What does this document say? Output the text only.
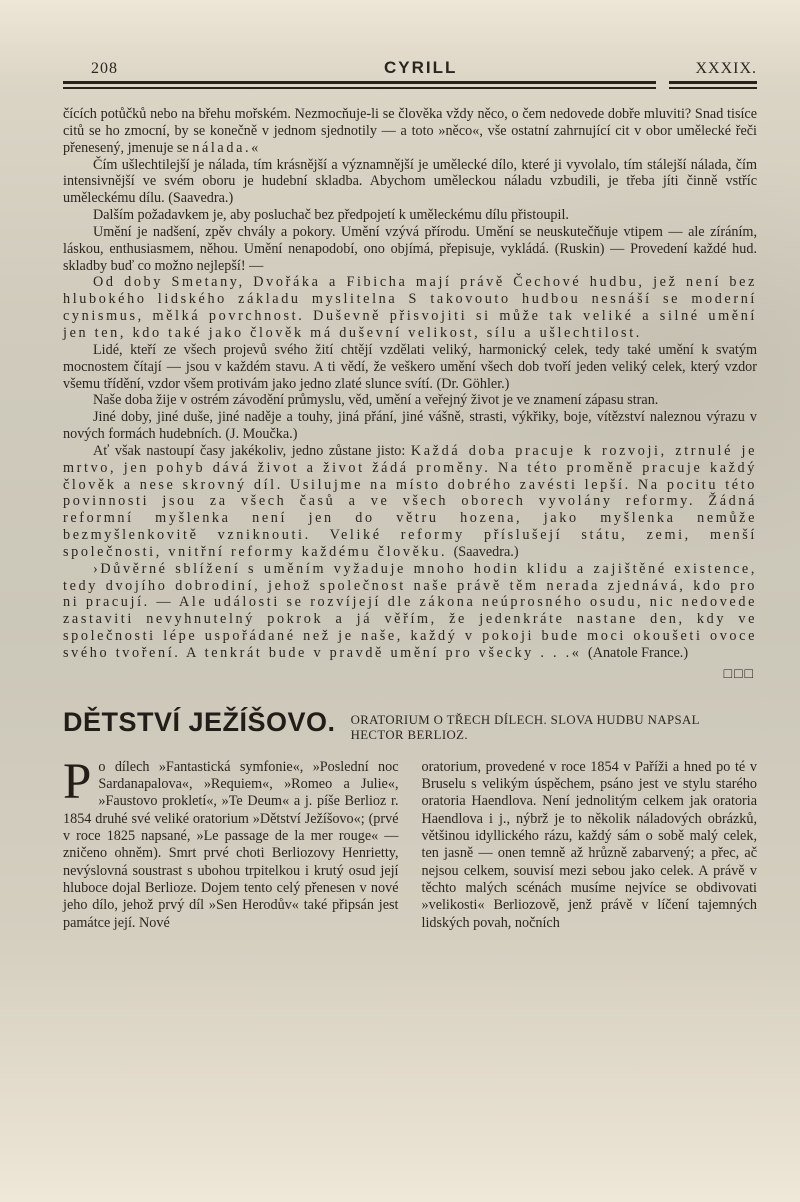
208	CYRILL	XXXIX.

čících potůčků nebo na břehu mořském. Nezmocňuje-li se člověka vždy něco, o čem nedovede dobře mluviti? Snad tisíce citů se ho zmocní, by se konečně v jednom sjednotily — a toto »něco«, vše ostatní zahrnující cit v obor umělecké řeči přenesený, jmenuje se nálada.«

Čím ušlechtilejší je nálada, tím krásnější a významnější je umělecké dílo, které ji vyvolalo, tím stálejší nálada, čím intensivnější ve svém oboru je hudební skladba. Abychom uměleckou náladu vzbudili, je třeba jíti činně vstříc uměleckému dílu. (Saavedra.)

Dalším požadavkem je, aby posluchač bez předpojetí k uměleckému dílu přistoupil.

Umění je nadšení, zpěv chvály a pokory. Umění vzývá přírodu. Umění se neuskutečňuje vtipem — ale zíráním, láskou, enthusiasmem, něhou. Umění nenapodobí, ono objímá, přepisuje, vykládá. (Ruskin) — Provedení každé hud. skladby buď co možno nejlepší! —

Od doby Smetany, Dvořáka a Fibicha mají právě Čechové hudbu, jež není bez hlubokého lidského základu myslitelna S takovouto hudbou nesnáší se moderní cynismus, mělká povrchnost. Duševně přisvojiti si může tak veliké a silné umění jen ten, kdo také jako člověk má duševní velikost, sílu a ušlechtilost.

Lidé, kteří ze všech projevů svého žití chtějí vzdělati veliký, harmonický celek, tedy také umění k svatým mocnostem čítají — jsou v každém stavu. A ti vědí, že veškero umění všech dob tvoří jeden veliký celek, který vzdor všemu třídění, vzdor všem protivám jako jedno zlaté slunce svítí. (Dr. Göhler.)

Naše doba žije v ostrém závodění průmyslu, věd, umění a veřejný život je ve znamení zápasu stran.

Jiné doby, jiné duše, jiné naděje a touhy, jiná přání, jiné vášně, strasti, výkřiky, boje, vítězství naleznou výrazu v nových formách hudebních. (J. Moučka.)

Ať však nastoupí časy jakékoliv, jedno zůstane jisto: Každá doba pracuje k rozvoji, ztrnulé je mrtvo, jen pohyb dává život a život žádá proměny. Na této proměně pracuje každý člověk a nese skrovný díl. Usilujme na místo dobrého zavésti lepší. Na pocitu této povinnosti jsou za všech časů a ve všech oborech vyvolány reformy. Žádná reformní myšlenka není jen do větru hozena, jako myšlenka nemůže bezmyšlenkovitě vzniknouti. Veliké reformy příslušejí státu, zemi, menší společnosti, vnitřní reformy každému člověku. (Saavedra.)

›Důvěrné sblížení s uměním vyžaduje mnoho hodin klidu a zajištěné existence, tedy dvojího dobrodiní, jehož společnost naše právě těm nerada zjednává, kdo pro ni pracují. — Ale události se rozvíjejí dle zákona neúprosného osudu, nic nedovede zastaviti nevyhnutelný pokrok a já věřím, že jedenkráte nastane den, kdy ve společnosti lépe uspořádané než je naše, každý v pokoji bude moci okoušeti ovoce svého tvoření. A tenkrát bude v pravdě umění pro všecky . . .« (Anatole France.)

□□□
DĚTSTVÍ JEŽÍŠOVO. ORATORIUM O TŘECH DÍLECH. SLOVA HUDBU NAPSAL
HECTOR BERLIOZ.

Po dílech »Fantastická symfonie«, »Poslední noc Sardanapalova«, »Requiem«, »Romeo a Julie«, »Faustovo prokletí«, »Te Deum« a j. píše Berlioz r. 1854 druhé své veliké oratorium »Dětství Ježíšovo«; (prvé v roce 1825 napsané, »Le passage de la mer rouge« — zničeno ohněm). Smrt prvé choti Berliozovy Henrietty, nevýslovná soustrast s ubohou trpitelkou i krutý osud její hluboce dojal Berlioze. Dojem tento celý přenesen v nové jeho dílo, jehož prvý díl »Sen Herodův« také připsán jest památce její. Nové

oratorium, provedené v roce 1854 v Paříži a hned po té v Bruselu s velikým úspěchem, psáno jest ve stylu starého oratoria Haendlova. Není jednolitým celkem jak oratoria Haendlova i j., nýbrž je to několik náladových obrázků, většinou idyllického rázu, každý sám o sobě malý celek, ten jasně — onen temně až hrůzně zabarvený; a přec, ač nejsou celkem, souvisí mezi sebou jako celek. A právě v těchto malých scénách musíme nejvíce se obdivovati »velikosti« Berliozově, jenž právě v líčení tajemných lidských povah, nočních
